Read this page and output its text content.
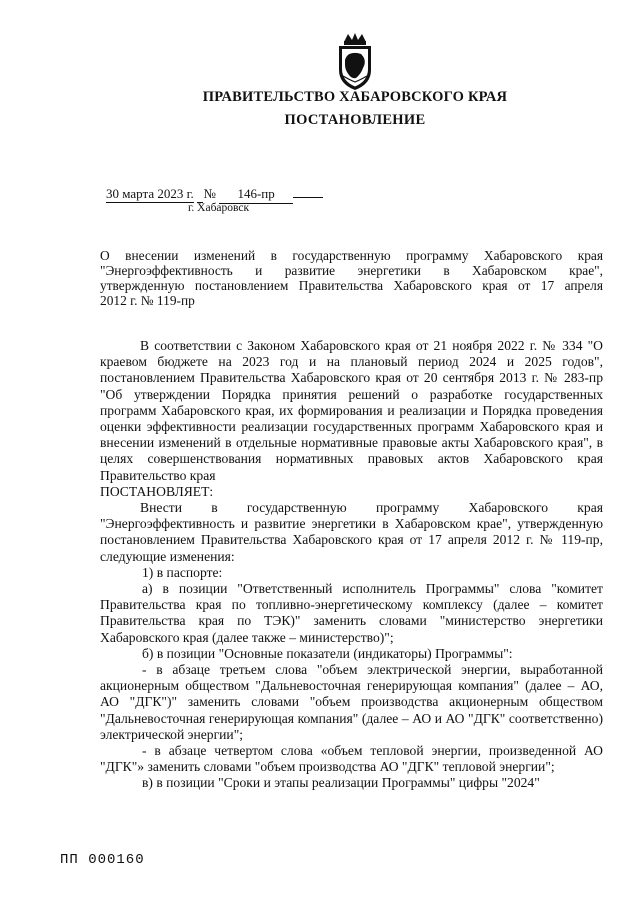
ПРАВИТЕЛЬСТВО ХАБАРОВСКОГО КРАЯ
ПОСТАНОВЛЕНИЕ
30 марта 2023 г. № 146-пр
г. Хабаровск
О внесении изменений в государственную программу Хабаровского края
"Энергоэффективность и развитие энергетики в Хабаровском крае",
утвержденную постановлением Правительства Хабаровского края от 17 апреля
2012 г. № 119-пр

В соответствии с Законом Хабаровского края от 21 ноября 2022 г. № 334 "О краевом бюджете на 2023 год и на плановый период 2024 и 2025 годов", постановлением Правительства Хабаровского края от 20 сентября 2013 г. № 283-пр "Об утверждении Порядка принятия решений о разработке государственных программ Хабаровского края, их формирования и реализации и Порядка проведения оценки эффективности реализации государственных программ Хабаровского края и внесении изменений в отдельные нормативные правовые акты Хабаровского края", в целях совершенствования нормативных правовых актов Хабаровского края Правительство края

ПОСТАНОВЛЯЕТ:

Внести в государственную программу Хабаровского края "Энергоэффективность и развитие энергетики в Хабаровском крае", утвержденную постановлением Правительства Хабаровского края от 17 апреля 2012 г. № 119-пр, следующие изменения:

1) в паспорте:

а) в позиции "Ответственный исполнитель Программы" слова "комитет Правительства края по топливно-энергетическому комплексу (далее – комитет Правительства края по ТЭК)" заменить словами "министерство энергетики Хабаровского края (далее также – министерство)";

б) в позиции "Основные показатели (индикаторы) Программы":

- в абзаце третьем слова "объем электрической энергии, выработанной акционерным обществом "Дальневосточная генерирующая компания" (далее – АО, АО "ДГК")" заменить словами "объем производства акционерным обществом "Дальневосточная генерирующая компания" (далее – АО и АО "ДГК" соответственно) электрической энергии";

- в абзаце четвертом слова «объем тепловой энергии, произведенной АО "ДГК"» заменить словами "объем производства АО "ДГК" тепловой энергии";

в) в позиции "Сроки и этапы реализации Программы" цифры "2024"

ПП 000160
